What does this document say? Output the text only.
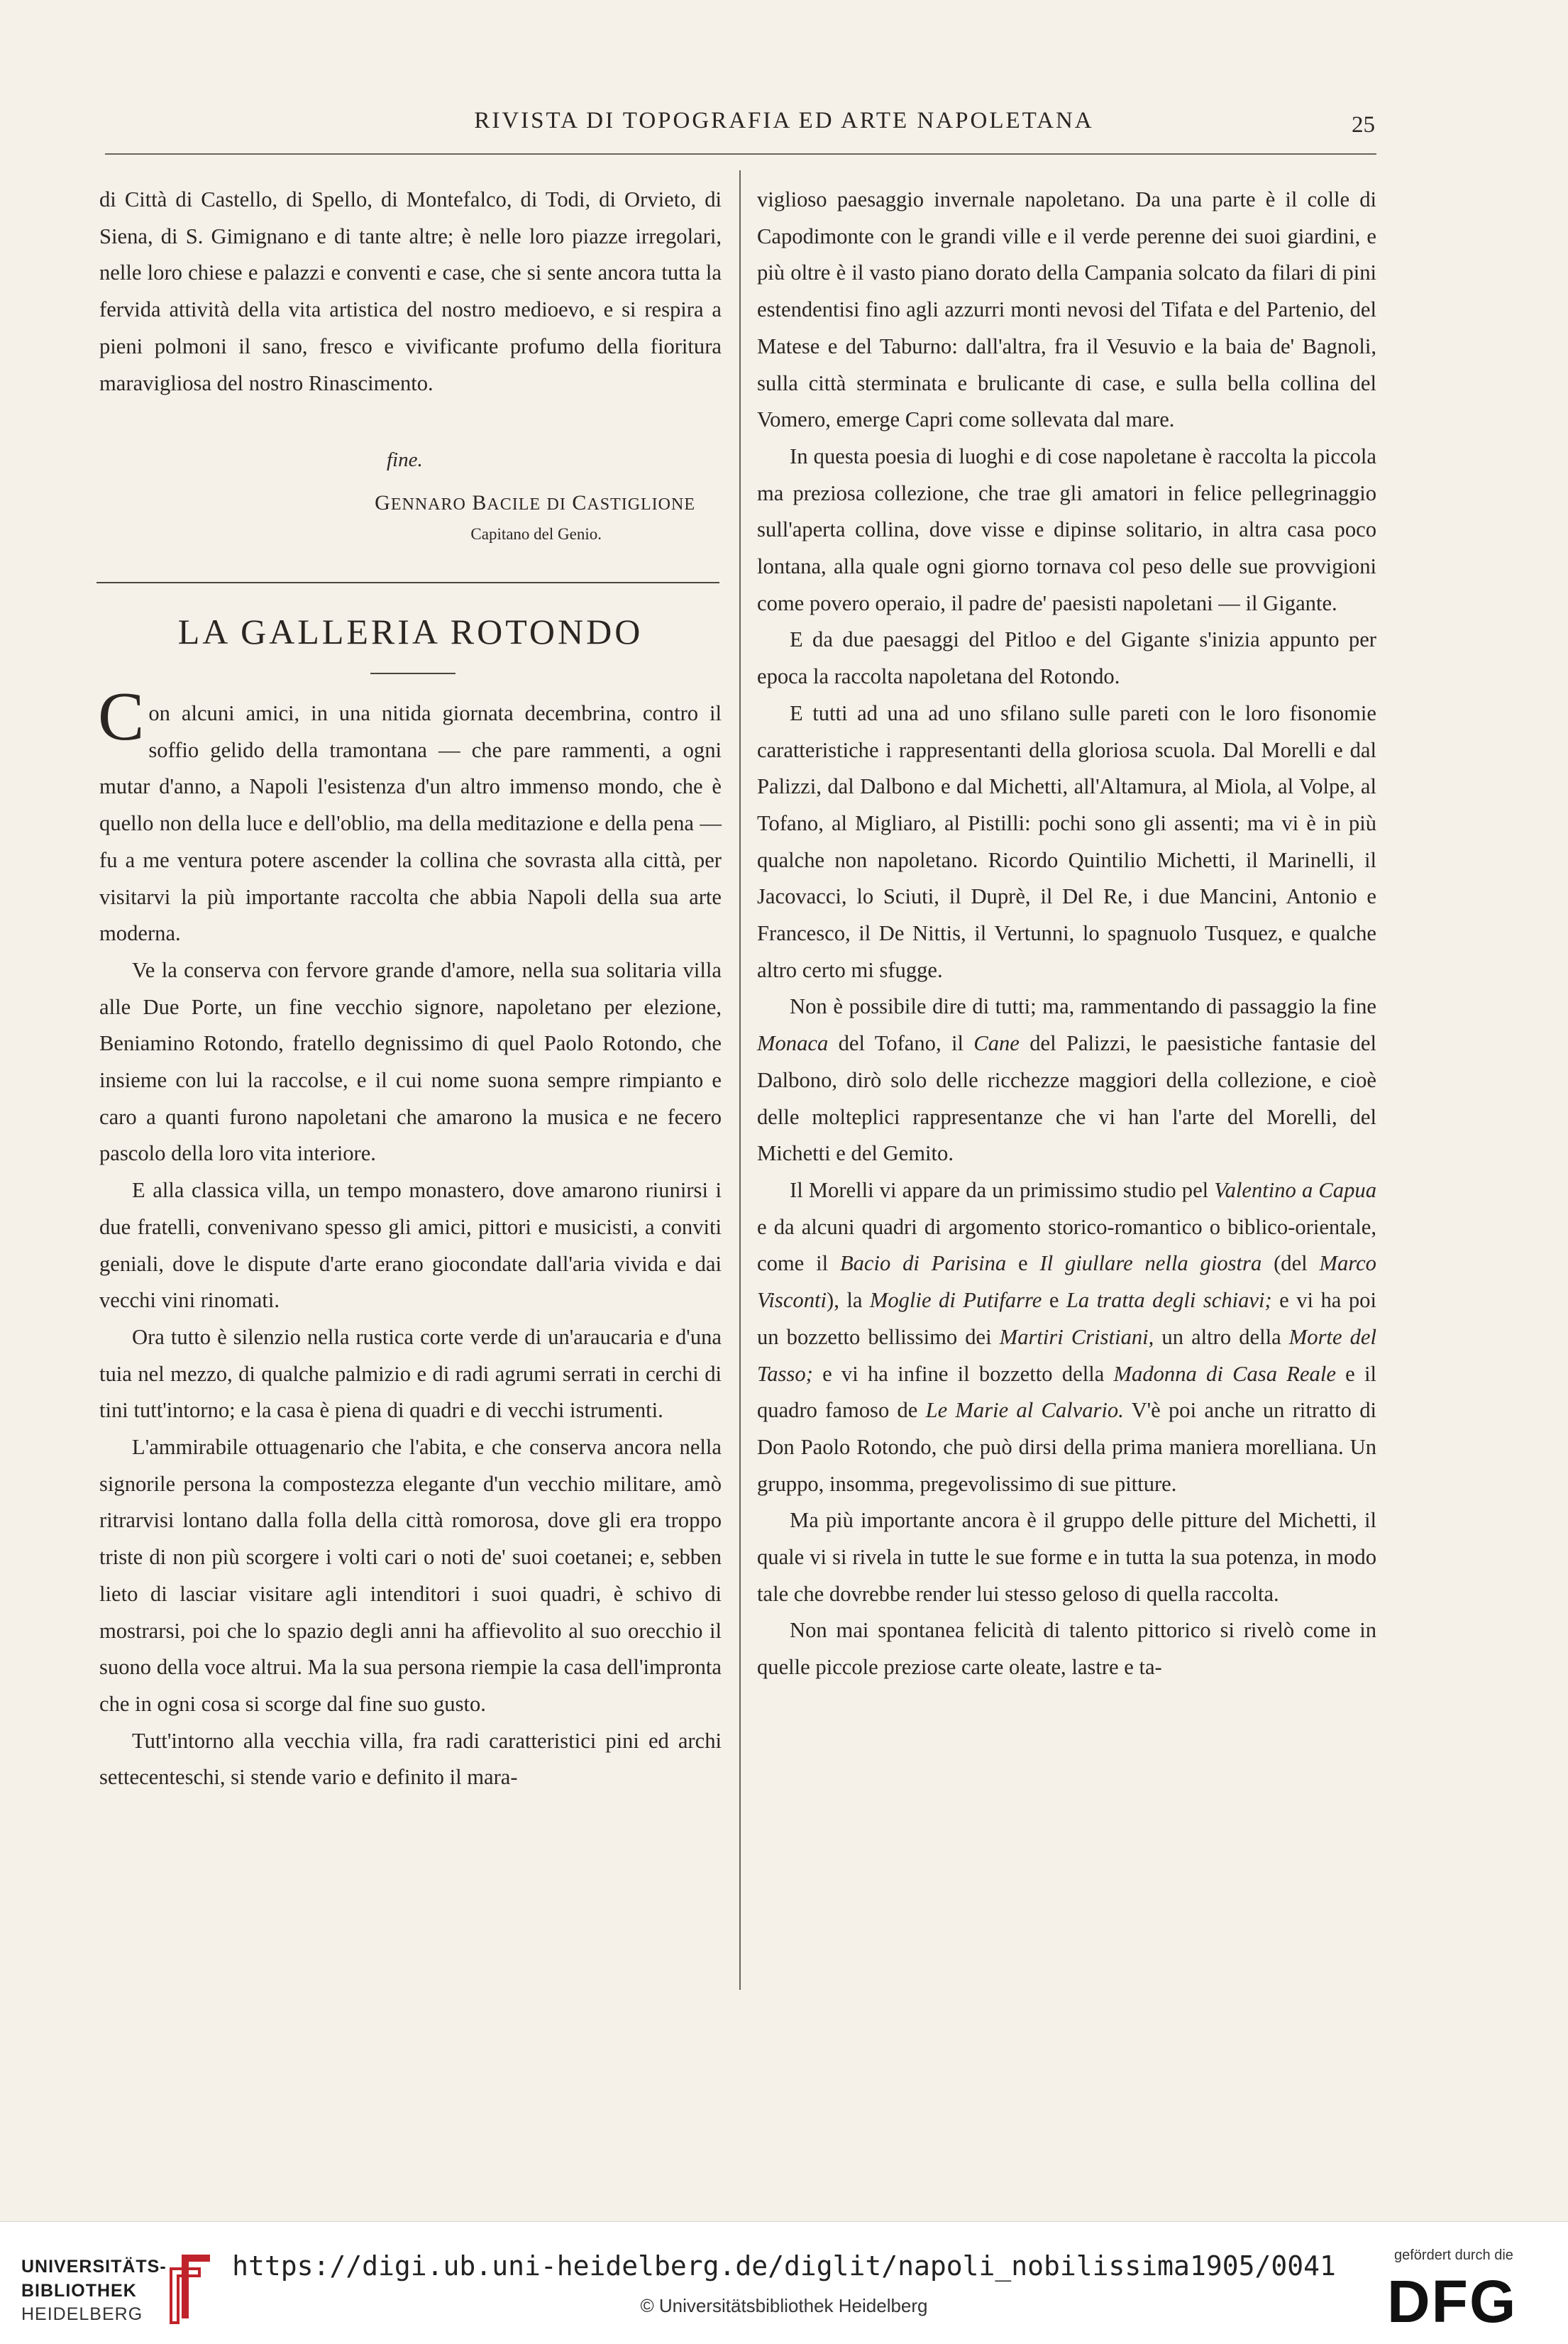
RIVISTA DI TOPOGRAFIA ED ARTE NAPOLETANA	25

di Città di Castello, di Spello, di Montefalco, di Todi, di Orvieto, di Siena, di S. Gimignano e di tante altre; è nelle loro piazze irregolari, nelle loro chiese e palazzi e conventi e case, che si sente ancora tutta la fervida attività della vita artistica del nostro medioevo, e si respira a pieni polmoni il sano, fresco e vivificante profumo della fioritura maravigliosa del nostro Rinascimento.

fine.
GENNARO BACILE DI CASTIGLIONE
Capitano del Genio.
LA GALLERIA ROTONDO

Con alcuni amici, in una nitida giornata decembrina, contro il soffio gelido della tramontana — che pare rammenti, a ogni mutar d'anno, a Napoli l'esistenza d'un altro immenso mondo, che è quello non della luce e dell'oblio, ma della meditazione e della pena — fu a me ventura potere ascender la collina che sovrasta alla città, per visitarvi la più importante raccolta che abbia Napoli della sua arte moderna.

Ve la conserva con fervore grande d'amore, nella sua solitaria villa alle Due Porte, un fine vecchio signore, napoletano per elezione, Beniamino Rotondo, fratello degnissimo di quel Paolo Rotondo, che insieme con lui la raccolse, e il cui nome suona sempre rimpianto e caro a quanti furono napoletani che amarono la musica e ne fecero pascolo della loro vita interiore.

E alla classica villa, un tempo monastero, dove amarono riunirsi i due fratelli, convenivano spesso gli amici, pittori e musicisti, a conviti geniali, dove le dispute d'arte erano giocondate dall'aria vivida e dai vecchi vini rinomati.

Ora tutto è silenzio nella rustica corte verde di un'araucaria e d'una tuia nel mezzo, di qualche palmizio e di radi agrumi serrati in cerchi di tini tutt'intorno; e la casa è piena di quadri e di vecchi istrumenti.

L'ammirabile ottuagenario che l'abita, e che conserva ancora nella signorile persona la compostezza elegante d'un vecchio militare, amò ritrarvisi lontano dalla folla della città romorosa, dove gli era troppo triste di non più scorgere i volti cari o noti de' suoi coetanei; e, sebben lieto di lasciar visitare agli intenditori i suoi quadri, è schivo di mostrarsi, poi che lo spazio degli anni ha affievolito al suo orecchio il suono della voce altrui. Ma la sua persona riempie la casa dell'impronta che in ogni cosa si scorge dal fine suo gusto.

Tutt'intorno alla vecchia villa, fra radi caratteristici pini ed archi settecenteschi, si stende vario e definito il mara-

viglioso paesaggio invernale napoletano. Da una parte è il colle di Capodimonte con le grandi ville e il verde perenne dei suoi giardini, e più oltre è il vasto piano dorato della Campania solcato da filari di pini estendentisi fino agli azzurri monti nevosi del Tifata e del Partenio, del Matese e del Taburno: dall'altra, fra il Vesuvio e la baia de' Bagnoli, sulla città sterminata e brulicante di case, e sulla bella collina del Vomero, emerge Capri come sollevata dal mare.

In questa poesia di luoghi e di cose napoletane è raccolta la piccola ma preziosa collezione, che trae gli amatori in felice pellegrinaggio sull'aperta collina, dove visse e dipinse solitario, in altra casa poco lontana, alla quale ogni giorno tornava col peso delle sue provvigioni come povero operaio, il padre de' paesisti napoletani — il Gigante.

E da due paesaggi del Pitloo e del Gigante s'inizia appunto per epoca la raccolta napoletana del Rotondo.

E tutti ad una ad uno sfilano sulle pareti con le loro fisonomie caratteristiche i rappresentanti della gloriosa scuola. Dal Morelli e dal Palizzi, dal Dalbono e dal Michetti, all'Altamura, al Miola, al Volpe, al Tofano, al Migliaro, al Pistilli: pochi sono gli assenti; ma vi è in più qualche non napoletano. Ricordo Quintilio Michetti, il Marinelli, il Jacovacci, lo Sciuti, il Duprè, il Del Re, i due Mancini, Antonio e Francesco, il De Nittis, il Vertunni, lo spagnuolo Tusquez, e qualche altro certo mi sfugge.

Non è possibile dire di tutti; ma, rammentando di passaggio la fine Monaca del Tofano, il Cane del Palizzi, le paesistiche fantasie del Dalbono, dirò solo delle ricchezze maggiori della collezione, e cioè delle molteplici rappresentanze che vi han l'arte del Morelli, del Michetti e del Gemito.

Il Morelli vi appare da un primissimo studio pel Valentino a Capua e da alcuni quadri di argomento storico-romantico o biblico-orientale, come il Bacio di Parisina e Il giullare nella giostra (del Marco Visconti), la Moglie di Putifarre e La tratta degli schiavi; e vi ha poi un bozzetto bellissimo dei Martiri Cristiani, un altro della Morte del Tasso; e vi ha infine il bozzetto della Madonna di Casa Reale e il quadro famoso de Le Marie al Calvario. V'è poi anche un ritratto di Don Paolo Rotondo, che può dirsi della prima maniera morelliana. Un gruppo, insomma, pregevolissimo di sue pitture.

Ma più importante ancora è il gruppo delle pitture del Michetti, il quale vi si rivela in tutte le sue forme e in tutta la sua potenza, in modo tale che dovrebbe render lui stesso geloso di quella raccolta.

Non mai spontanea felicità di talento pittorico si rivelò come in quelle piccole preziose carte oleate, lastre e ta-

UNIVERSITÄTS-
BIBLIOTHEK
HEIDELBERG
https://digi.ub.uni-heidelberg.de/diglit/napoli_nobilissima1905/0041
© Universitätsbibliothek Heidelberg
gefördert durch die
DFG
